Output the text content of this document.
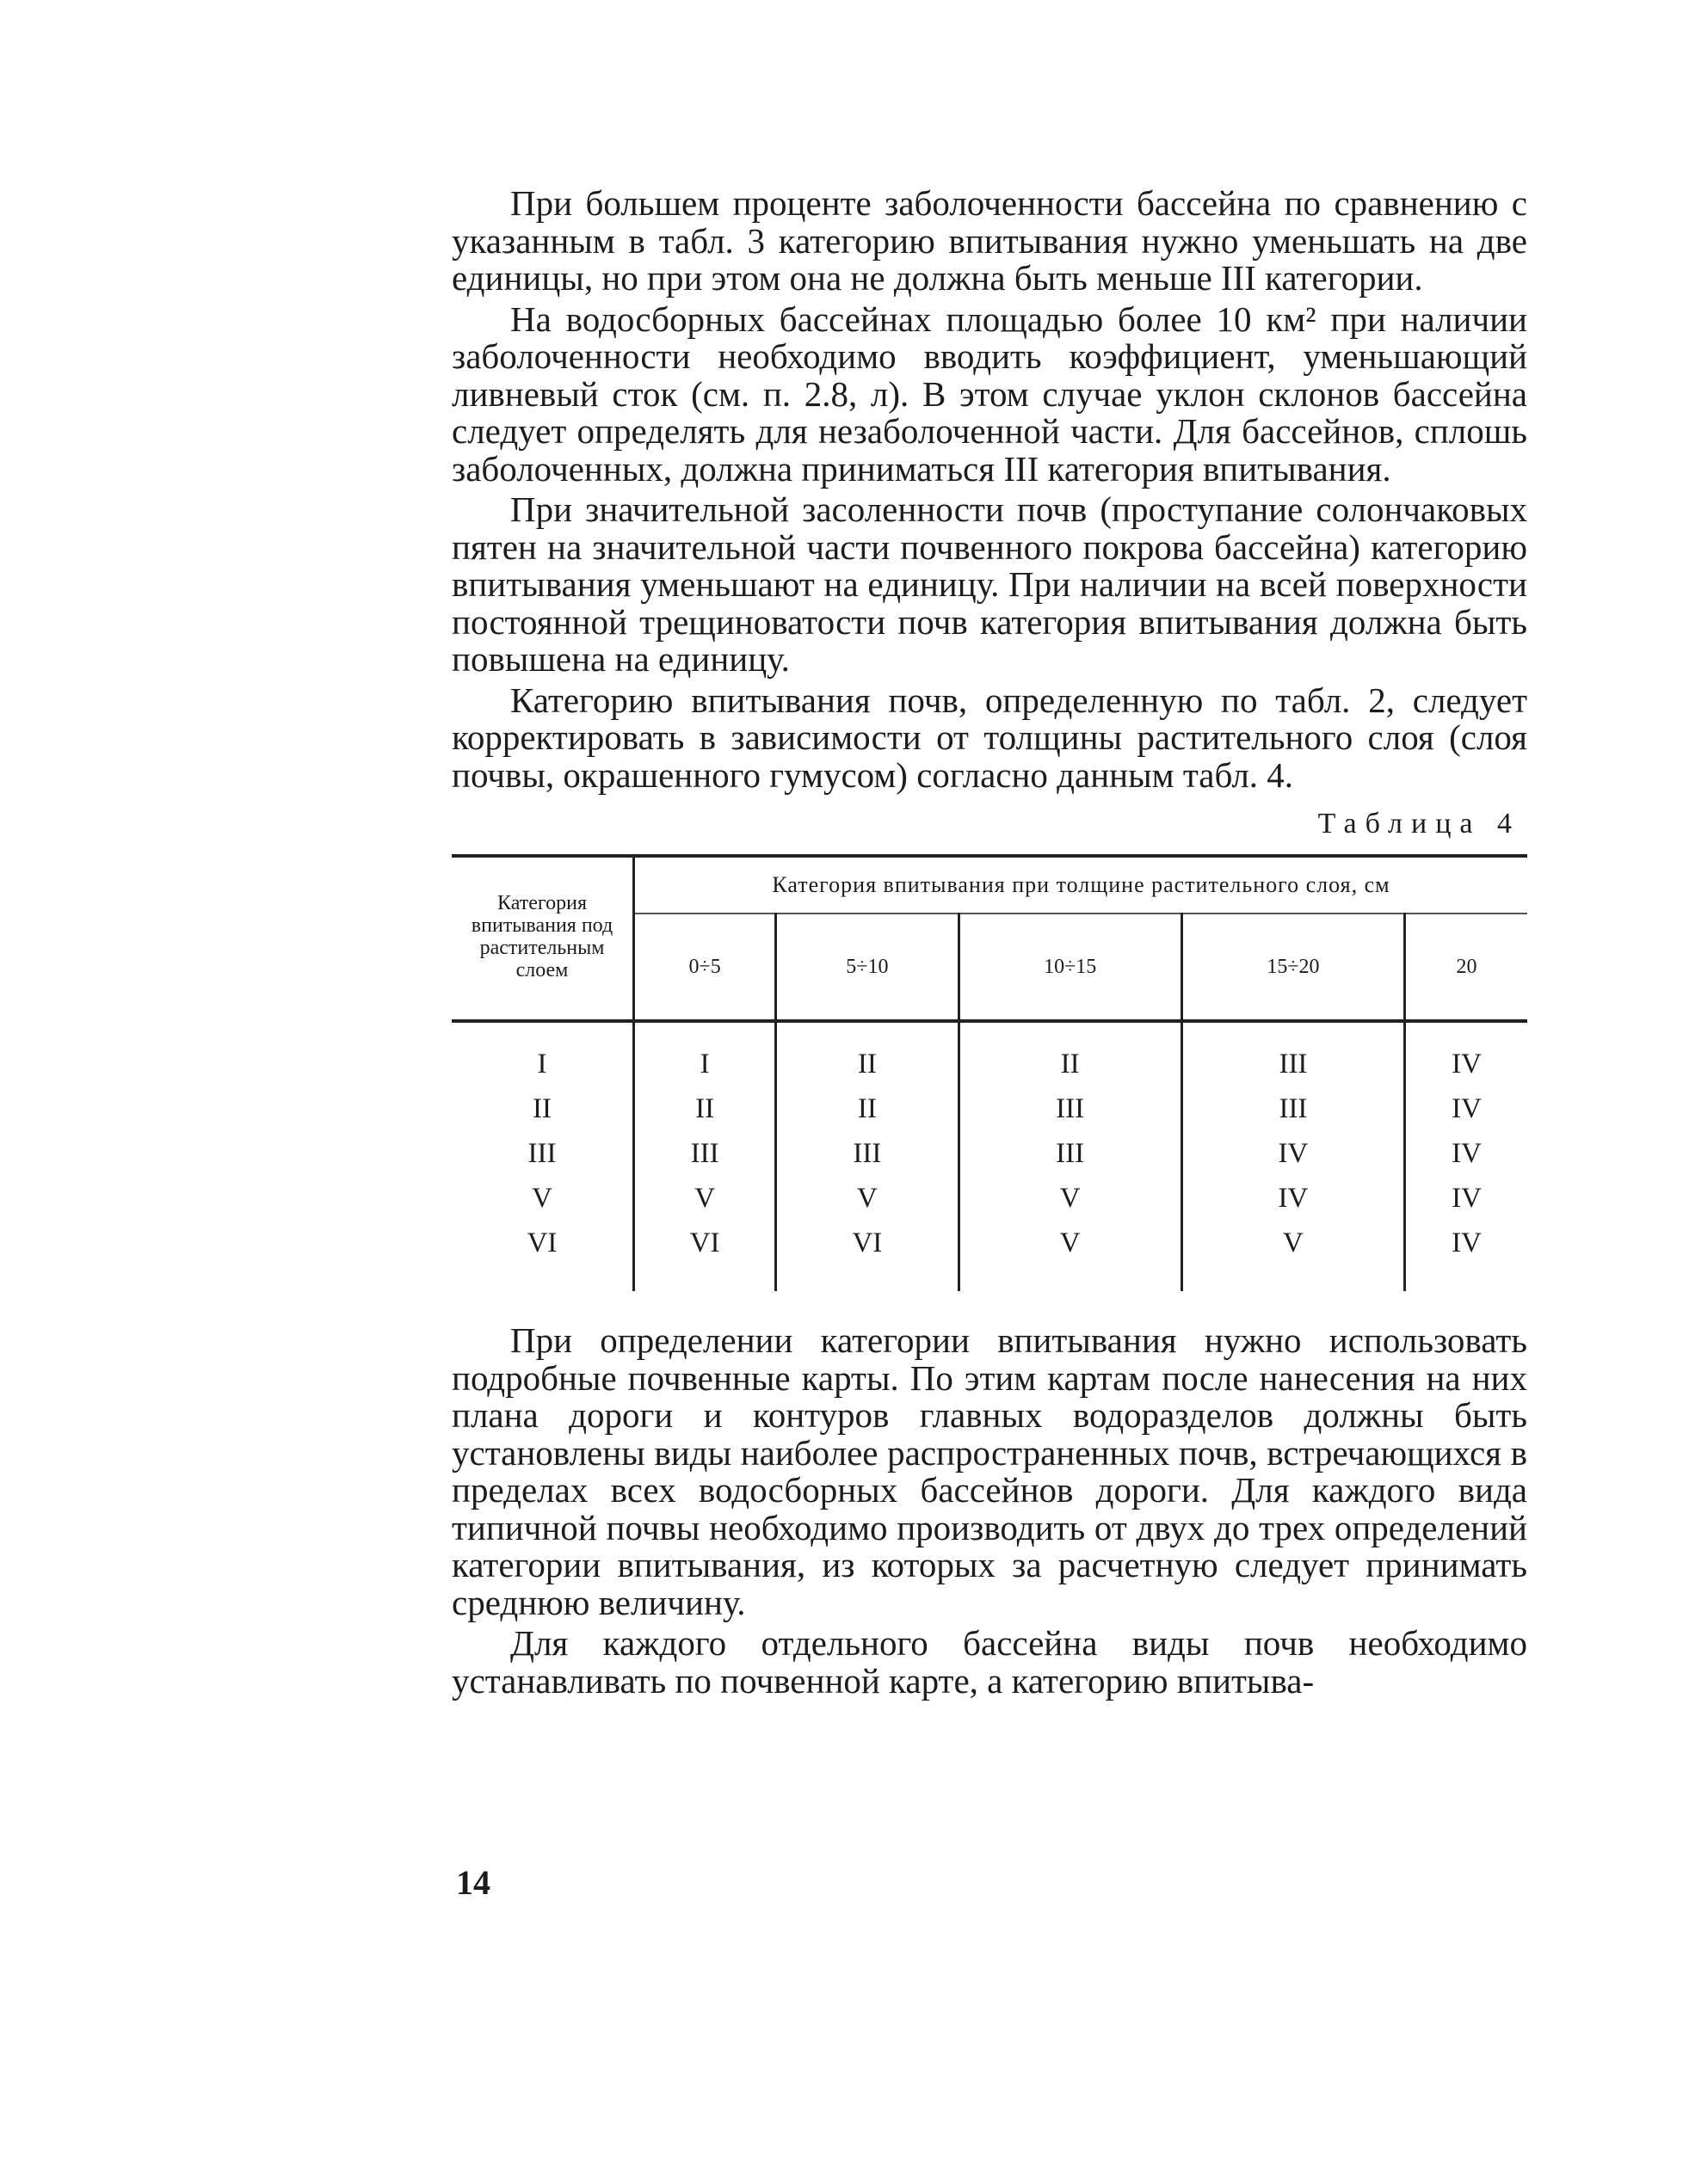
При большем проценте заболоченности бассейна по сравнению с указанным в табл. 3 категорию впитывания нужно уменьшать на две единицы, но при этом она не должна быть меньше III категории.

На водосборных бассейнах площадью более 10 км² при наличии заболоченности необходимо вводить коэффициент, уменьшающий ливневый сток (см. п. 2.8, л). В этом случае уклон склонов бассейна следует определять для незаболоченной части. Для бассейнов, сплошь заболоченных, должна приниматься III категория впитывания.

При значительной засоленности почв (проступание солончаковых пятен на значительной части почвенного покрова бассейна) категорию впитывания уменьшают на единицу. При наличии на всей поверхности постоянной трещиноватости почв категория впитывания должна быть повышена на единицу.

Категорию впитывания почв, определенную по табл. 2, следует корректировать в зависимости от толщины растительного слоя (слоя почвы, окрашенного гумусом) согласно данным табл. 4.

Таблица 4
Категория впитывания под растительным слоем	Категория впитывания при толщине растительного слоя, см				
	0÷5	5÷10	10÷15	15÷20	20
I	I	II	II	III	IV
II	II	II	III	III	IV
III	III	III	III	IV	IV
V	V	V	V	IV	IV
VI	VI	VI	V	V	IV

При определении категории впитывания нужно использовать подробные почвенные карты. По этим картам после нанесения на них плана дороги и контуров главных водоразделов должны быть установлены виды наиболее распространенных почв, встречающихся в пределах всех водосборных бассейнов дороги. Для каждого вида типичной почвы необходимо производить от двух до трех определений категории впитывания, из которых за расчетную следует принимать среднюю величину.

Для каждого отдельного бассейна виды почв необходимо устанавливать по почвенной карте, а категорию впитыва-

14
